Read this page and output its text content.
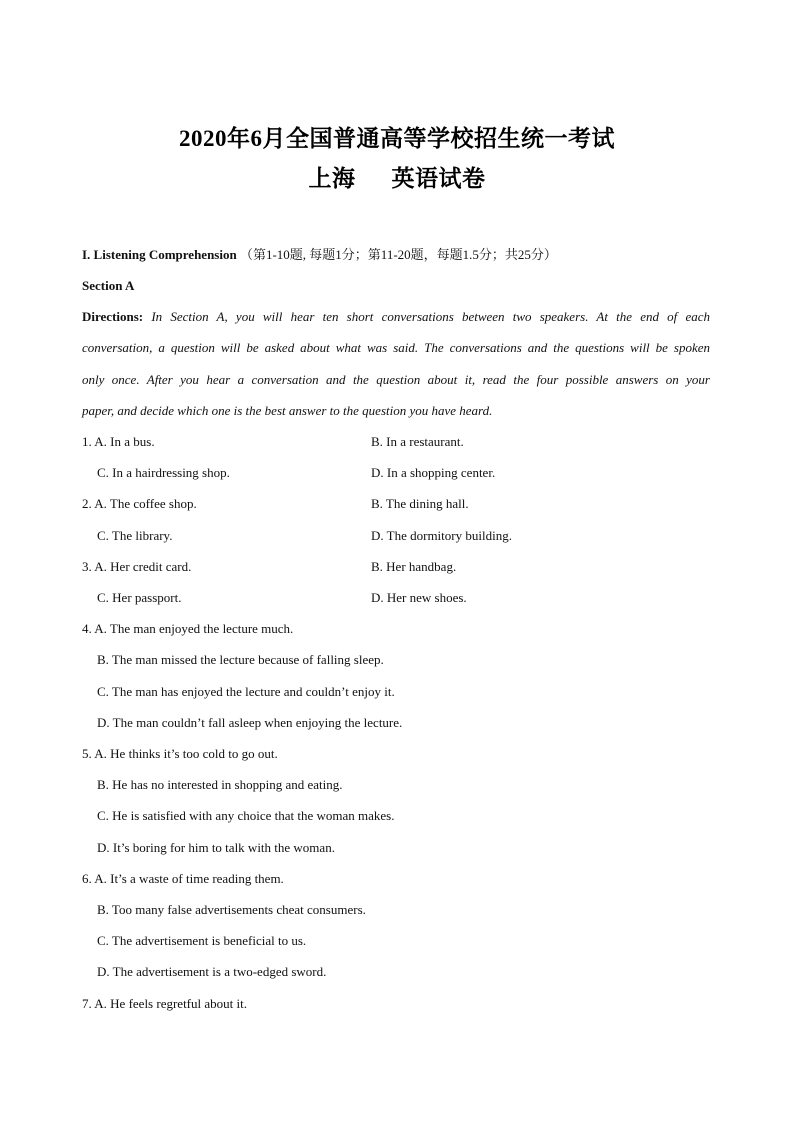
2020年6月全国普通高等学校招生统一考试
上海 英语试卷
I. Listening Comprehension （第1-10题, 每题1分；第11-20题，每题1.5分；共25分）
Section A
Directions: In Section A, you will hear ten short conversations between two speakers. At the end of each
conversation, a question will be asked about what was said. The conversations and the questions will be spoken
only once. After you hear a conversation and the question about it, read the four possible answers on your
paper, and decide which one is the best answer to the question you have heard.
1. A. In a bus.	B. In a restaurant.
C. In a hairdressing shop.	D. In a shopping center.
2. A. The coffee shop.	B. The dining hall.
C. The library.	D. The dormitory building.
3. A. Her credit card.	B. Her handbag.
C. Her passport.	D. Her new shoes.
4. A. The man enjoyed the lecture much.
B. The man missed the lecture because of falling sleep.
C. The man has enjoyed the lecture and couldn’t enjoy it.
D. The man couldn’t fall asleep when enjoying the lecture.
5. A. He thinks it’s too cold to go out.
B. He has no interested in shopping and eating.
C. He is satisfied with any choice that the woman makes.
D. It’s boring for him to talk with the woman.
6. A. It’s a waste of time reading them.
B. Too many false advertisements cheat consumers.
C. The advertisement is beneficial to us.
D. The advertisement is a two-edged sword.
7. A. He feels regretful about it.
